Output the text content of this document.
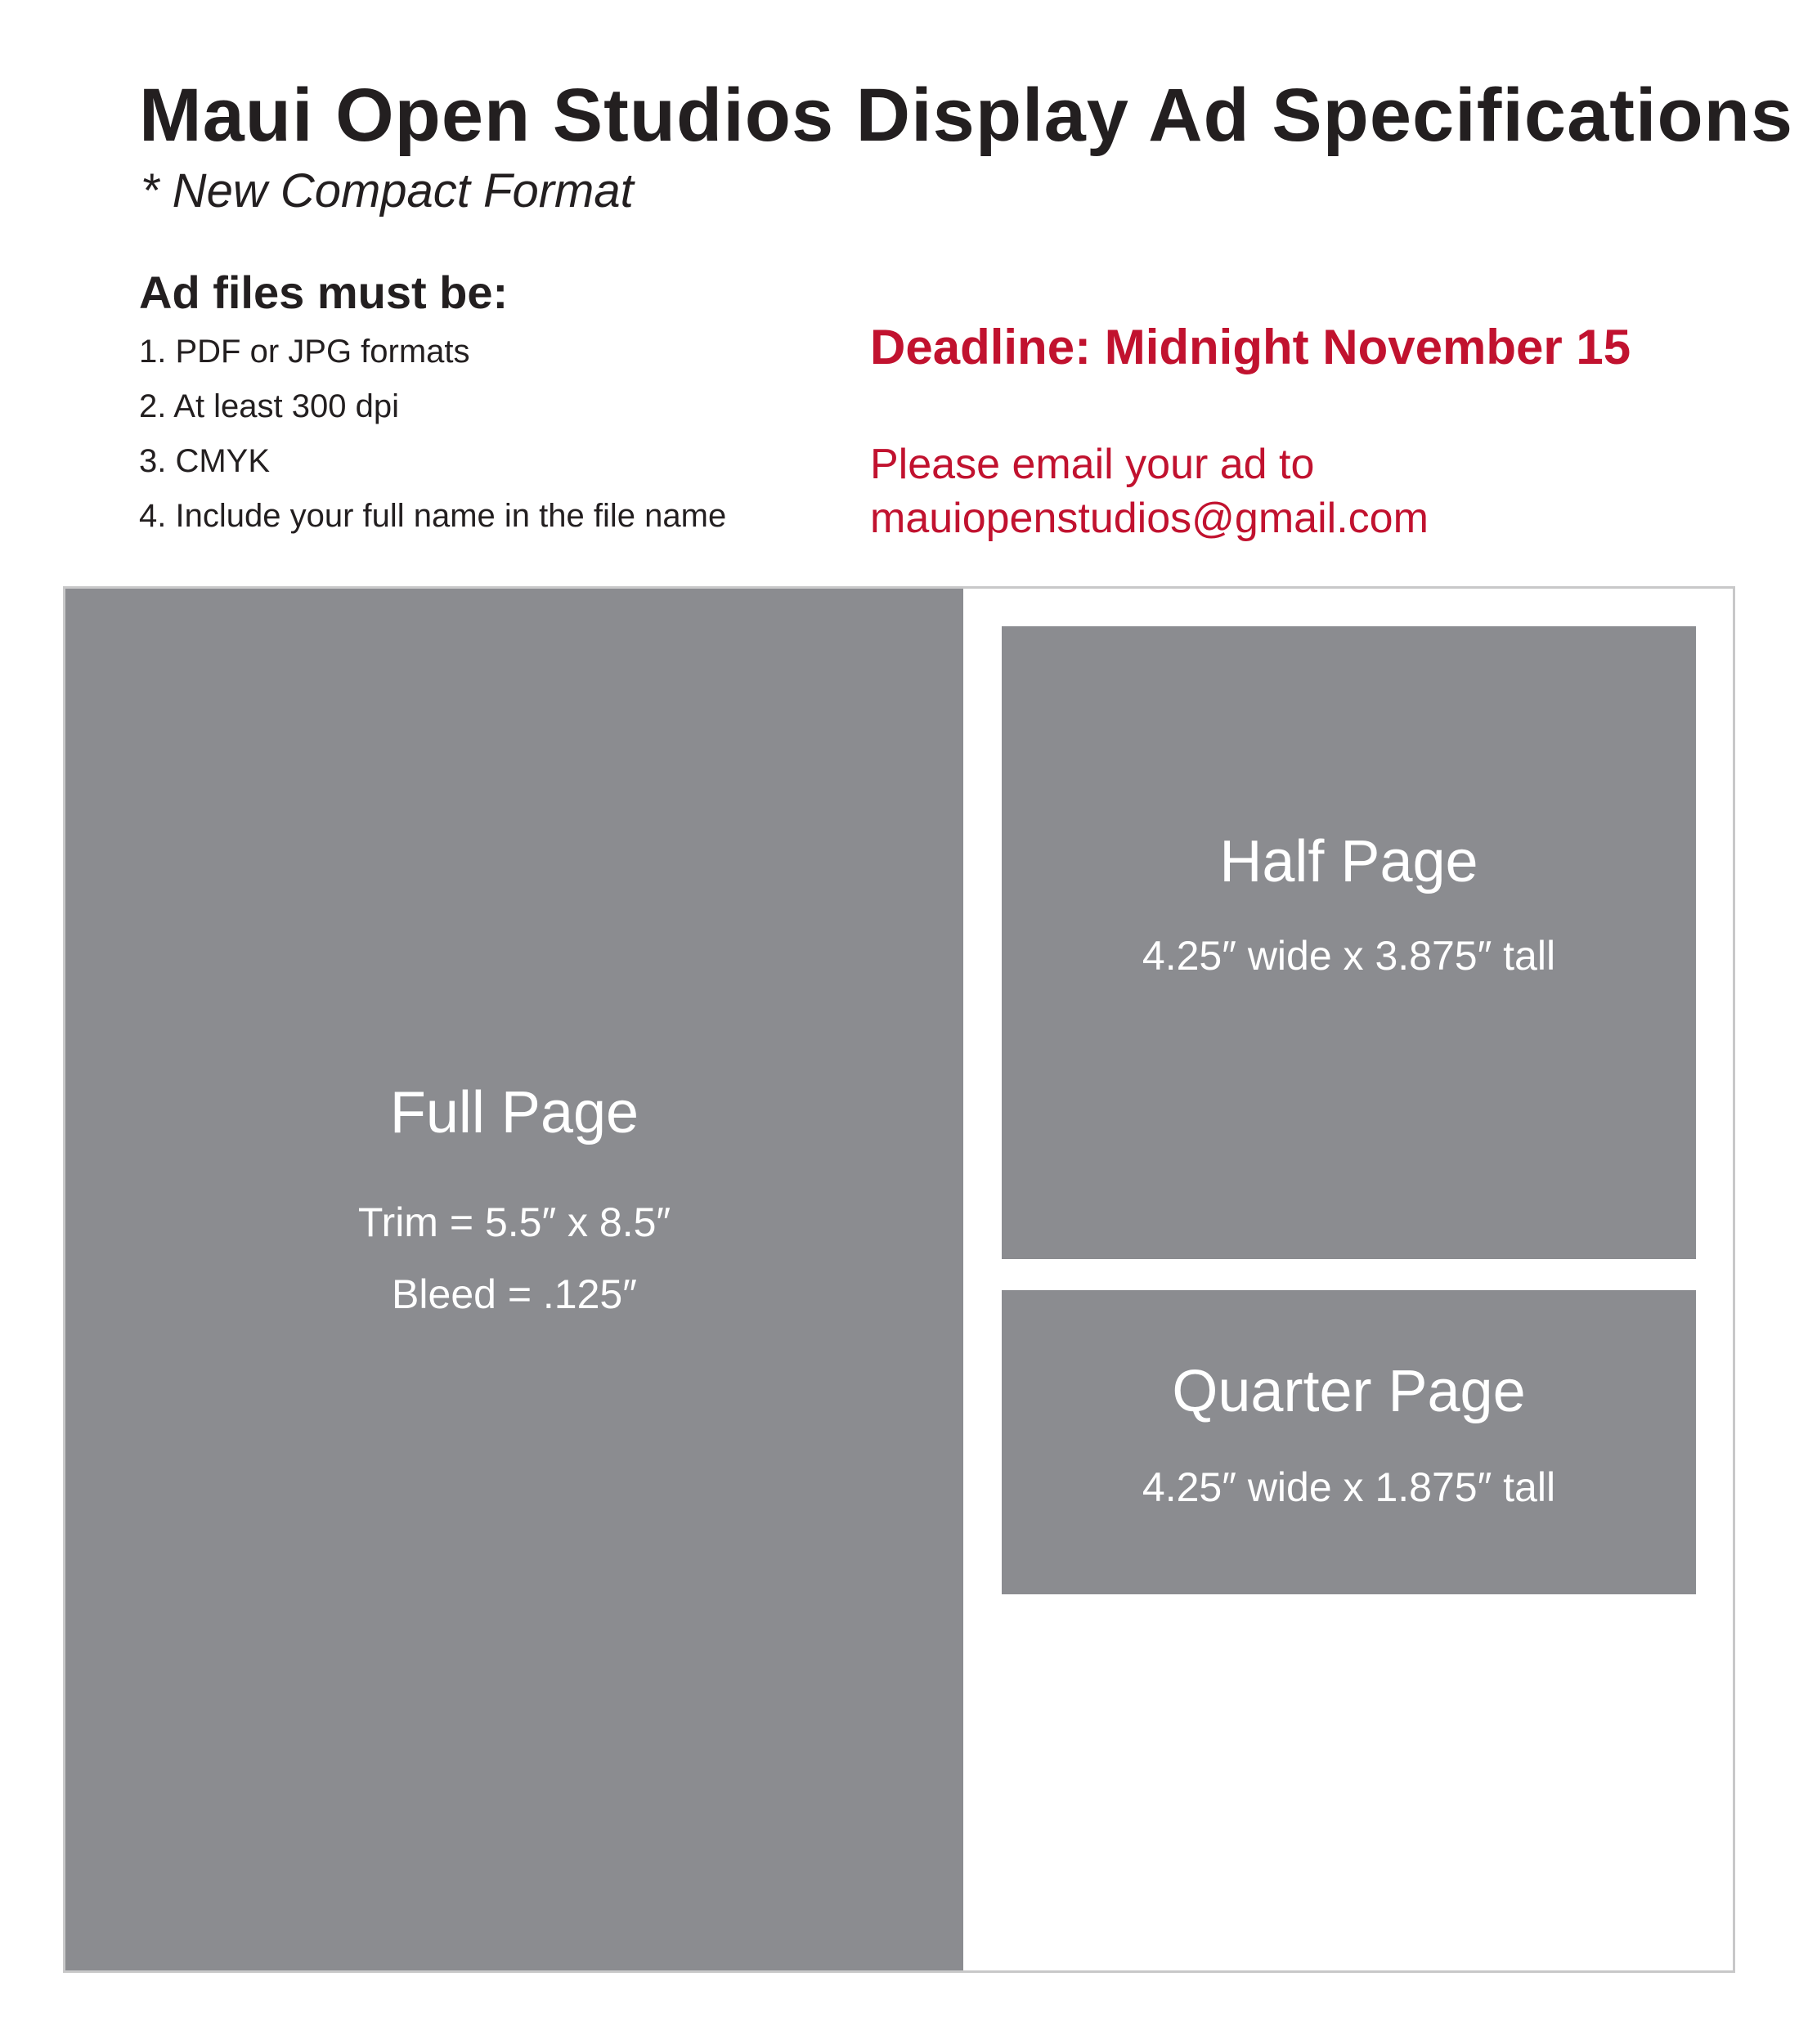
Maui Open Studios Display Ad Specifications
* New Compact Format
Ad files must be:
1. PDF or JPG formats
2. At least 300 dpi
3. CMYK
4. Include your full name in the file name
Deadline: Midnight November 15
Please email your ad to
mauiopenstudios@gmail.com
Full Page
Trim = 5.5″ x 8.5″
Bleed = .125″
Half Page
4.25″ wide x 3.875″ tall
Quarter Page
4.25″ wide x 1.875″ tall
